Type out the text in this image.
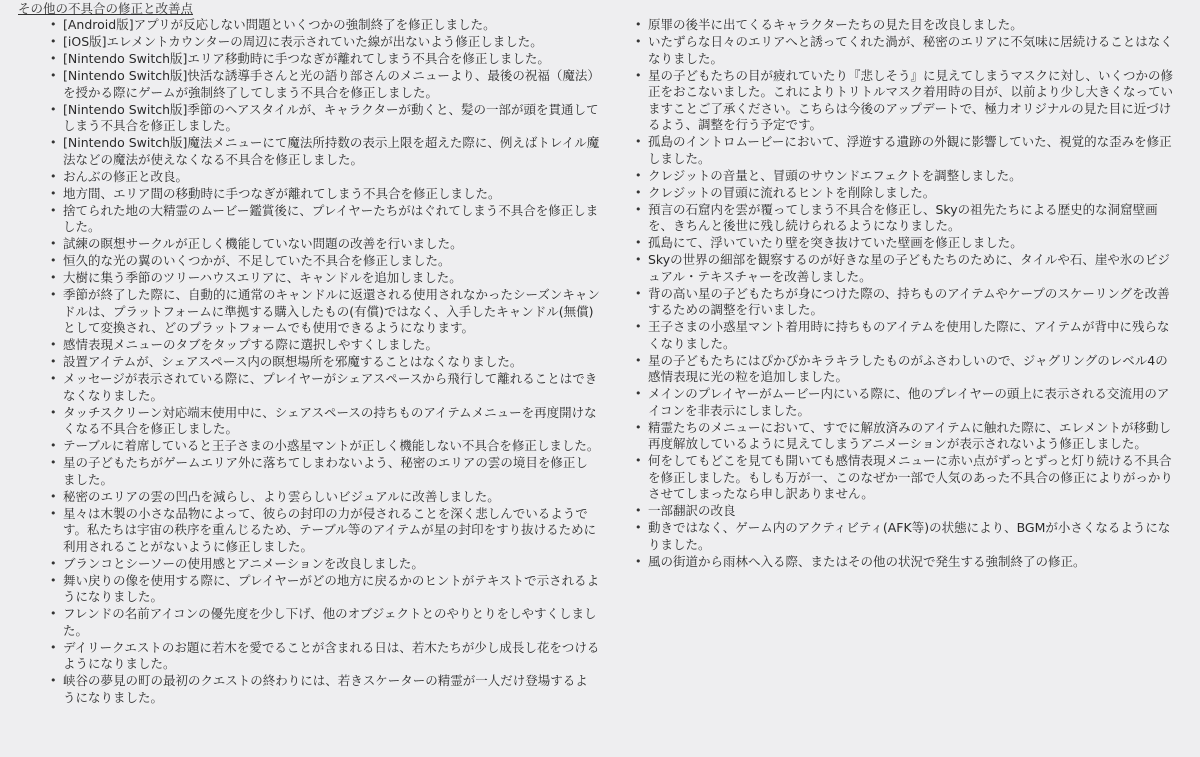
その他の不具合の修正と改善点
• [Android版]アプリが反応しない問題といくつかの強制終了を修正しました。
• [iOS版]エレメントカウンターの周辺に表示されていた線が出ないよう修正しました。
• [Nintendo Switch版]エリア移動時に手つなぎが離れてしまう不具合を修正しました。
• [Nintendo Switch版]快活な誘導手さんと光の語り部さんのメニューより、最後の祝福（魔法）を授かる際にゲームが強制終了してしまう不具合を修正しました。
• [Nintendo Switch版]季節のヘアスタイルが、キャラクターが動くと、髪の一部が頭を貫通してしまう不具合を修正しました。
• [Nintendo Switch版]魔法メニューにて魔法所持数の表示上限を超えた際に、例えばトレイル魔法などの魔法が使えなくなる不具合を修正しました。
• おんぶの修正と改良。
• 地方間、エリア間の移動時に手つなぎが離れてしまう不具合を修正しました。
• 捨てられた地の大精霊のムービー鑑賞後に、プレイヤーたちがはぐれてしまう不具合を修正しました。
• 試練の瞑想サークルが正しく機能していない問題の改善を行いました。
• 恒久的な光の翼のいくつかが、不足していた不具合を修正しました。
• 大樹に集う季節のツリーハウスエリアに、キャンドルを追加しました。
• 季節が終了した際に、自動的に通常のキャンドルに返還される使用されなかったシーズンキャンドルは、プラットフォームに準拠する購入したもの(有償)ではなく、入手したキャンドル(無償)として変換され、どのプラットフォームでも使用できるようになります。
• 感情表現メニューのタブをタップする際に選択しやすくしました。
• 設置アイテムが、シェアスペース内の瞑想場所を邪魔することはなくなりました。
• メッセージが表示されている際に、プレイヤーがシェアスペースから飛行して離れることはできなくなりました。
• タッチスクリーン対応端末使用中に、シェアスペースの持ちものアイテムメニューを再度開けなくなる不具合を修正しました。
• テーブルに着席していると王子さまの小惑星マントが正しく機能しない不具合を修正しました。
• 星の子どもたちがゲームエリア外に落ちてしまわないよう、秘密のエリアの雲の境目を修正しました。
• 秘密のエリアの雲の凹凸を減らし、より雲らしいビジュアルに改善しました。
• 星々は木製の小さな品物によって、彼らの封印の力が侵されることを深く悲しんでいるようです。私たちは宇宙の秩序を重んじるため、テーブル等のアイテムが星の封印をすり抜けるために利用されることがないように修正しました。
• ブランコとシーソーの使用感とアニメーションを改良しました。
• 舞い戻りの像を使用する際に、プレイヤーがどの地方に戻るかのヒントがテキストで示されるようになりました。
• フレンドの名前アイコンの優先度を少し下げ、他のオブジェクトとのやりとりをしやすくしました。
• デイリークエストのお題に若木を愛でることが含まれる日は、若木たちが少し成長し花をつけるようになりました。
• 峡谷の夢見の町の最初のクエストの終わりには、若きスケーターの精霊が一人だけ登場するようになりました。
• 原罪の後半に出てくるキャラクターたちの見た目を改良しました。
• いたずらな日々のエリアへと誘ってくれた渦が、秘密のエリアに不気味に居続けることはなくなりました。
• 星の子どもたちの目が疲れていたり『悲しそう』に見えてしまうマスクに対し、いくつかの修正をおこないました。これによりトリトルマスク着用時の目が、以前より少し大きくなっていますことご了承ください。こちらは今後のアップデートで、極力オリジナルの見た目に近づけるよう、調整を行う予定です。
• 孤島のイントロムービーにおいて、浮遊する遺跡の外観に影響していた、視覚的な歪みを修正しました。
• クレジットの音量と、冒頭のサウンドエフェクトを調整しました。
• クレジットの冒頭に流れるヒントを削除しました。
• 預言の石窟内を雲が覆ってしまう不具合を修正し、Skyの祖先たちによる歴史的な洞窟壁画を、きちんと後世に残し続けられるようになりました。
• 孤島にて、浮いていたり壁を突き抜けていた壁画を修正しました。
• Skyの世界の細部を観察するのが好きな星の子どもたちのために、タイルや石、崖や氷のビジュアル・テキスチャーを改善しました。
• 背の高い星の子どもたちが身につけた際の、持ちものアイテムやケープのスケーリングを改善するための調整を行いました。
• 王子さまの小惑星マント着用時に持ちものアイテムを使用した際に、アイテムが背中に残らなくなりました。
• 星の子どもたちにはぴかぴかキラキラしたものがふさわしいので、ジャグリングのレベル4の感情表現に光の粒を追加しました。
• メインのプレイヤーがムービー内にいる際に、他のプレイヤーの頭上に表示される交流用のアイコンを非表示にしました。
• 精霊たちのメニューにおいて、すでに解放済みのアイテムに触れた際に、エレメントが移動し再度解放しているように見えてしまうアニメーションが表示されないよう修正しました。
• 何をしてもどこを見ても開いても感情表現メニューに赤い点がずっとずっと灯り続ける不具合を修正しました。もしも万が一、このなぜか一部で人気のあった不具合の修正によりがっかりさせてしまったなら申し訳ありません。
• 一部翻訳の改良
• 動きではなく、ゲーム内のアクティビティ(AFK等)の状態により、BGMが小さくなるようになりました。
• 風の街道から雨林へ入る際、またはその他の状況で発生する強制終了の修正。
